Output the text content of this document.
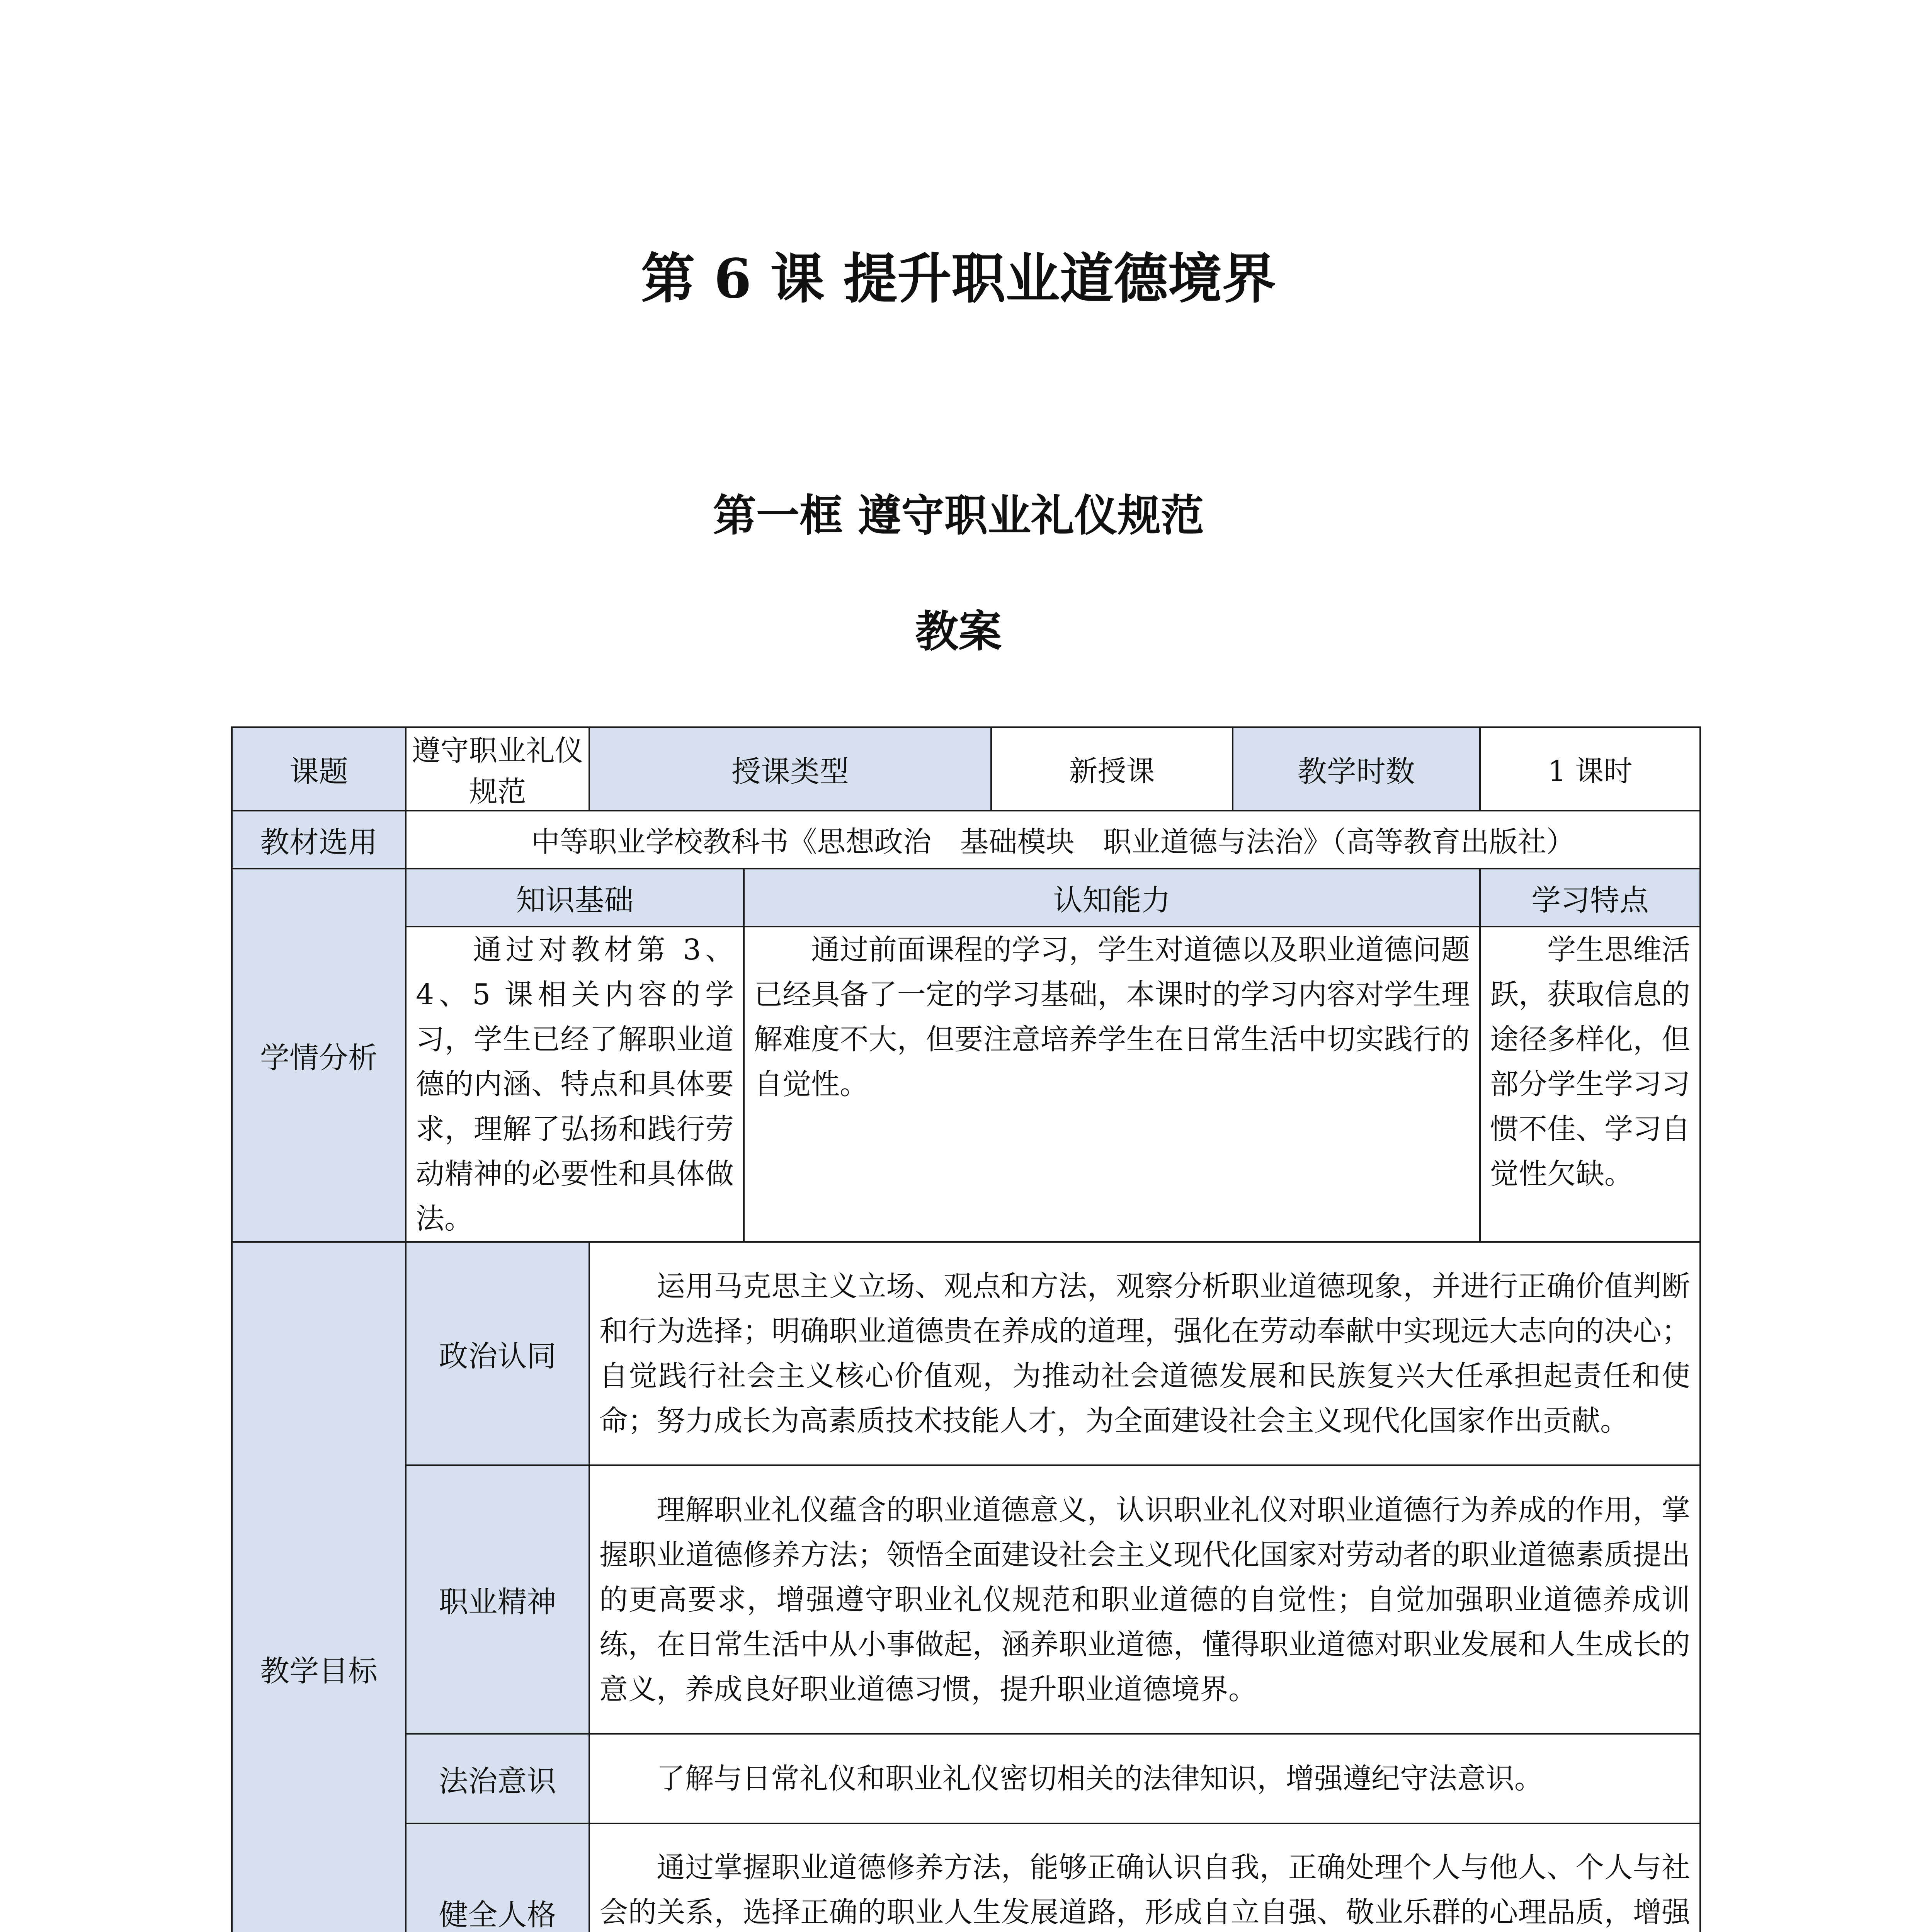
第 6 课 提升职业道德境界
第一框 遵守职业礼仪规范
教案
课题	遵守职业礼仪规范	授课类型		新授课	教学时数	1 课时
教材选用	中等职业学校教科书《思想政治　基础模块　职业道德与法治》（高等教育出版社）					
学情分析	知识基础		认知能力			学习特点
	通过对教材第 3、4、5 课相关内容的学习，学生已经了解职业道德的内涵、特点和具体要求，理解了弘扬和践行劳动精神的必要性和具体做法。		通过前面课程的学习，学生对道德以及职业道德问题已经具备了一定的学习基础，本课时的学习内容对学生理解难度不大，但要注意培养学生在日常生活中切实践行的自觉性。			学生思维活跃，获取信息的途径多样化，但部分学生学习习惯不佳、学习自觉性欠缺。
教学目标	政治认同	运用马克思主义立场、观点和方法，观察分析职业道德现象，并进行正确价值判断和行为选择；明确职业道德贵在养成的道理，强化在劳动奉献中实现远大志向的决心；自觉践行社会主义核心价值观，为推动社会道德发展和民族复兴大任承担起责任和使命；努力成长为高素质技术技能人才，为全面建设社会主义现代化国家作出贡献。				
	职业精神	理解职业礼仪蕴含的职业道德意义，认识职业礼仪对职业道德行为养成的作用，掌握职业道德修养方法；领悟全面建设社会主义现代化国家对劳动者的职业道德素质提出的更高要求，增强遵守职业礼仪规范和职业道德的自觉性；自觉加强职业道德养成训练，在日常生活中从小事做起，涵养职业道德，懂得职业道德对职业发展和人生成长的意义，养成良好职业道德习惯，提升职业道德境界。				
	法治意识	了解与日常礼仪和职业礼仪密切相关的法律知识，增强遵纪守法意识。				
	健全人格	通过掌握职业道德修养方法，能够正确认识自我，正确处理个人与他人、个人与社会的关系，选择正确的职业人生发展道路，形成自立自强、敬业乐群的心理品质，增强				
